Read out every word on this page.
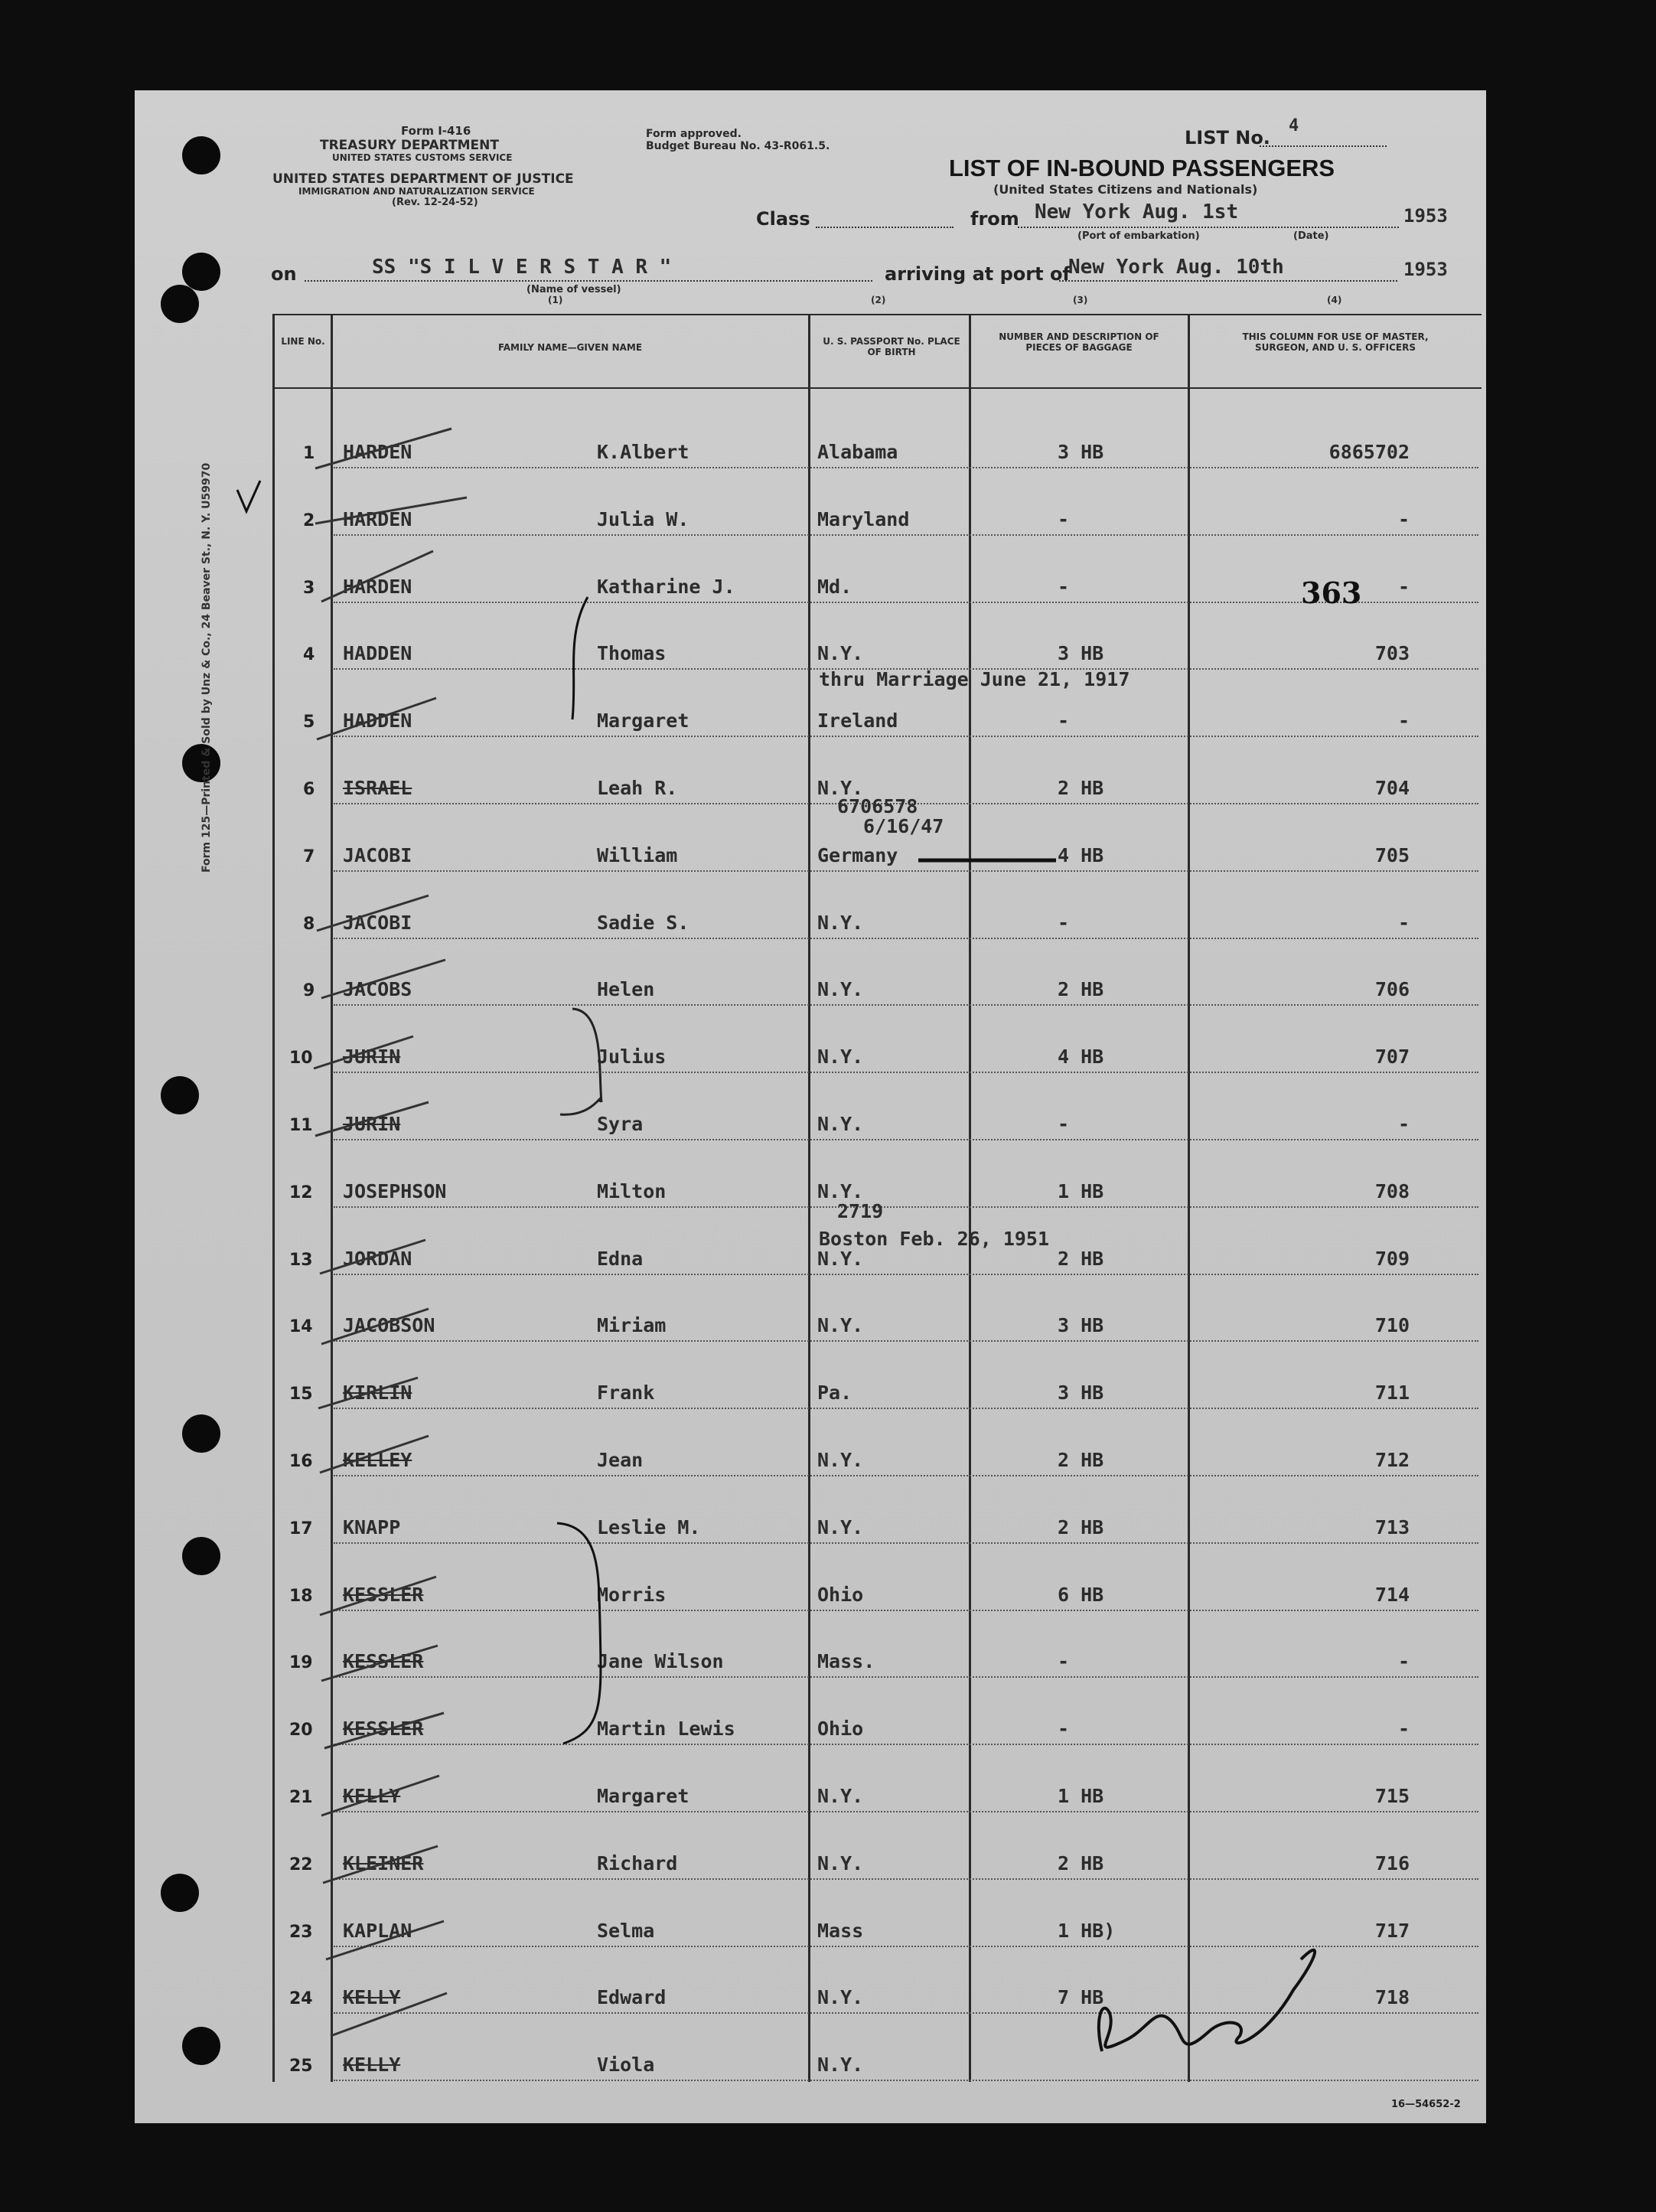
Form 125—Printed & Sold by Unz & Co., 24 Beaver St., N. Y. U59970
Form I-416
TREASURY DEPARTMENT
UNITED STATES CUSTOMS SERVICE
UNITED STATES DEPARTMENT OF JUSTICE
IMMIGRATION AND NATURALIZATION SERVICE
(Rev. 12-24-52)
Form approved.
Budget Bureau No. 43-R061.5.	LIST No.
4
LIST OF IN-BOUND PASSENGERS
(United States Citizens and Nationals)
Class	from New York Aug. 1st	1953
(Port of embarkation)	(Date)
on	SS "S I L V E R S T A R "
(Name of vessel)
arriving at port of
New York Aug. 10th	1953
(1)	(2)	(3)	(4)
LINE No.
FAMILY NAME—GIVEN NAME
U. S. PASSPORT No. PLACE OF BIRTH
NUMBER AND DESCRIPTION OF PIECES OF BAGGAGE
THIS COLUMN FOR USE OF MASTER, SURGEON, AND U. S. OFFICERS
1 HARDEN	K.Albert	Alabama	3 HB	6865702
2 HARDEN	Julia W.	Maryland	-	-
3 HARDEN	Katharine J.	Md.	-	-
4 HADDEN	Thomas	N.Y.	3 HB	703
thru Marriage June 21, 1917
5 HADDEN	Margaret	Ireland	-	-
6 ISRAEL	Leah R.	N.Y.	2 HB	704
6706578
7 JACOBI	William	Germany	4 HB	705
6/16/47
8 JACOBI	Sadie S.	N.Y.	-	-
9 JACOBS	Helen	N.Y.	2 HB	706
10 JURIN	Julius	N.Y.	4 HB	707
11 JURIN	Syra	N.Y.	-	-
12 JOSEPHSON	Milton	N.Y.	1 HB	708
2719
13 JORDAN	Edna	N.Y.	2 HB	709
Boston Feb. 26, 1951
14 JACOBSON	Miriam	N.Y.	3 HB	710
15 KIRLIN	Frank	Pa.	3 HB	711
16 KELLEY	Jean	N.Y.	2 HB	712
17 KNAPP	Leslie M.	N.Y.	2 HB	713
18 KESSLER	Morris	Ohio	6 HB	714
19 KESSLER	Jane Wilson	Mass.	-	-
20 KESSLER	Martin Lewis	Ohio	-	-
21 KELLY	Margaret	N.Y.	1 HB	715
22 KLEINER	Richard	N.Y.	2 HB	716
23 KAPLAN	Selma	Mass	1 HB)	717
24 KELLY	Edward	N.Y.	7 HB	718
25 KELLY	Viola	N.Y.
363
16—54652-2
